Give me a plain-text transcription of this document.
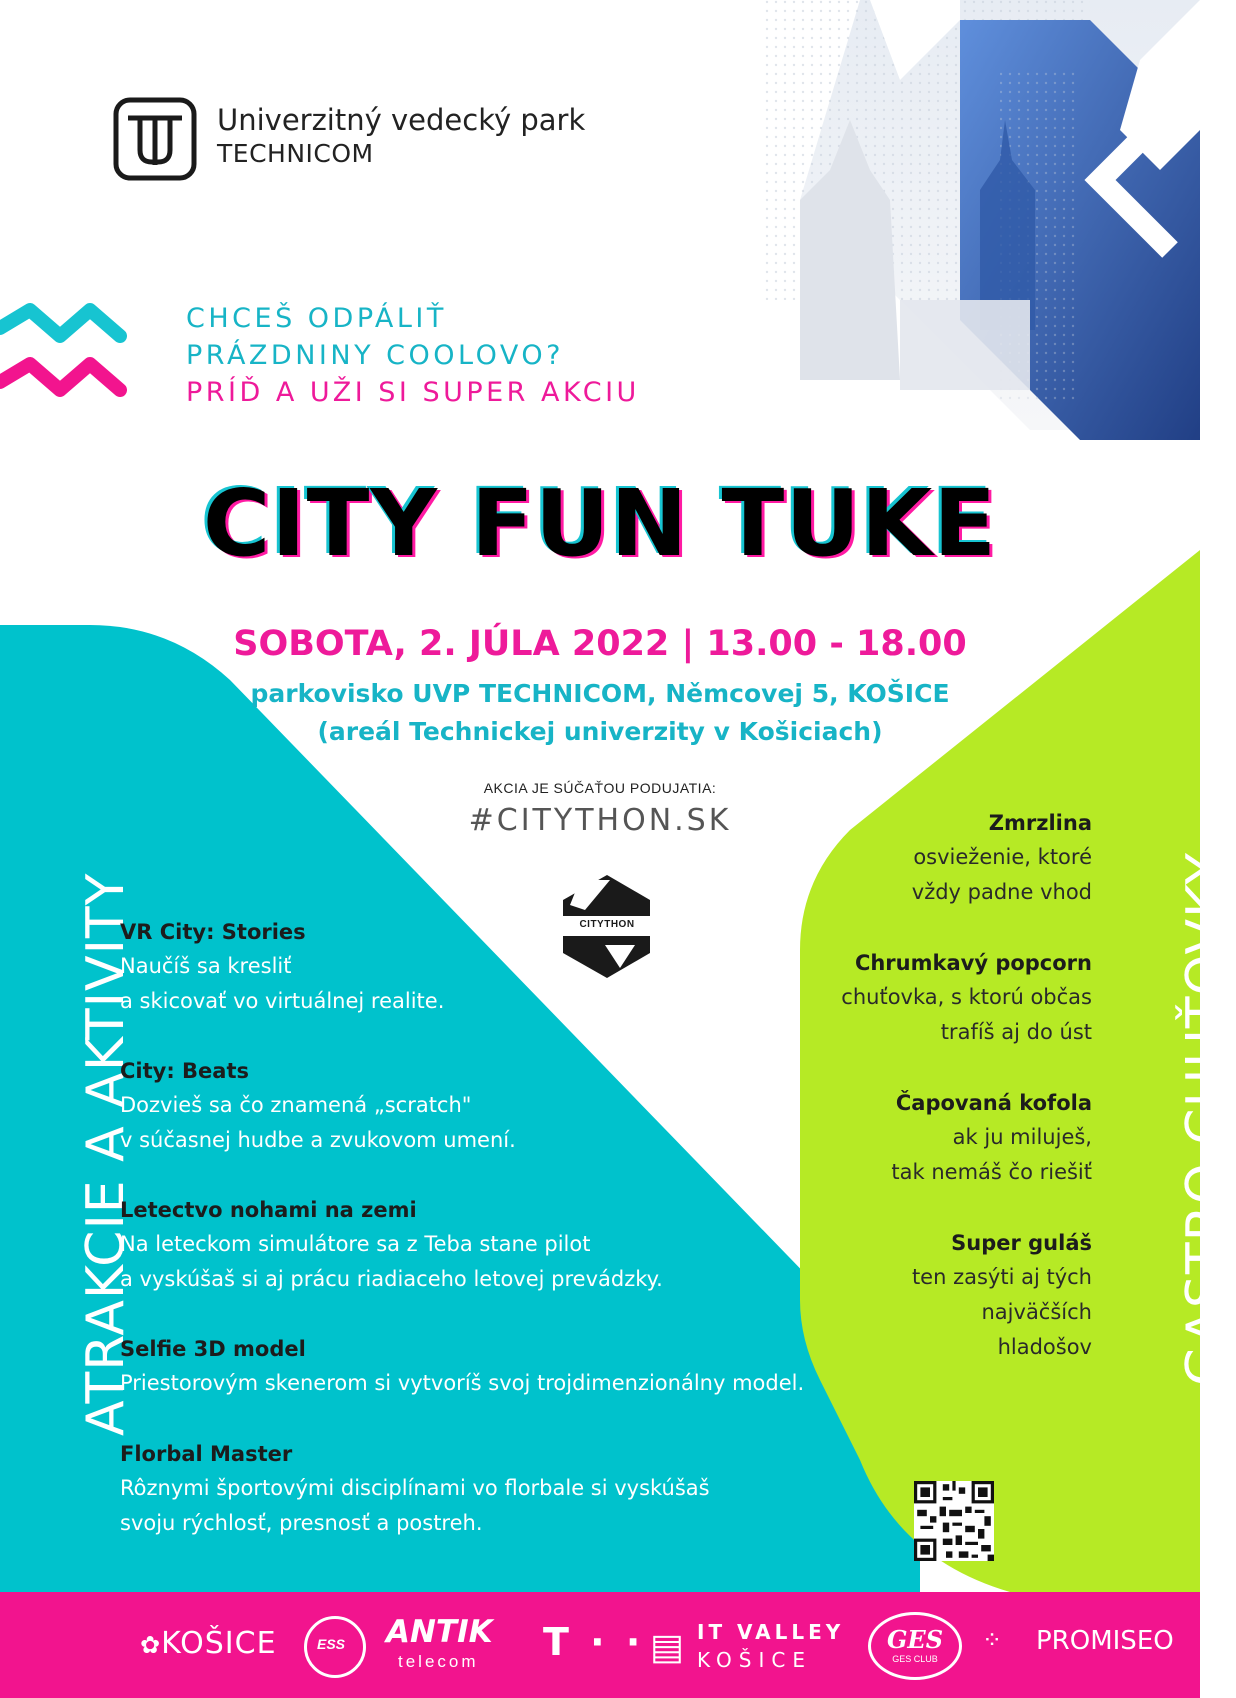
Univerzitný vedecký park
TECHNICOM
CHCEŠ ODPÁLIŤ
PRÁZDNINY COOLOVO?
PRÍĎ A UŽI SI SUPER AKCIU
CITY FUN TUKE
SOBOTA, 2. JÚLA 2022 | 13.00 - 18.00
parkovisko UVP TECHNICOM, Němcovej 5, KOŠICE
(areál Technickej univerzity v Košiciach)
AKCIA JE SÚČAŤOU PODUJATIA:
#CITYTHON.SK
CITYTHON
ATRAKCIE A AKTIVITY	GASTRO CHUŤOVKY
VR City: Stories
Naučíš sa kresliť
a skicovať vo virtuálnej realite.
City: Beats
Dozvieš sa čo znamená „scratch"
v súčasnej hudbe a zvukovom umení.
Letectvo nohami na zemi
Na leteckom simulátore sa z Teba stane pilot
a vyskúšaš si aj prácu riadiaceho letovej prevádzky.
Selfie 3D model
Priestorovým skenerom si vytvoríš svoj trojdimenzionálny model.
Florbal Master
Rôznymi športovými disciplínami vo florbale si vyskúšaš
svoju rýchlosť, presnosť a postreh.
Zmrzlina
osvieženie, ktoré
vždy padne vhod
Chrumkavý popcorn
chuťovka, s ktorú občas
trafíš aj do úst
Čapovaná kofola
ak ju miluješ,
tak nemáš čo riešiť
Super guláš
ten zasýti aj tých
najväčších
hladošov
✿KOŠICE	ESS ANTIK
telecom T · · ▤ IT VALLEY
KOŠICE
GES
GES CLUB
⁘ PROMISEO
